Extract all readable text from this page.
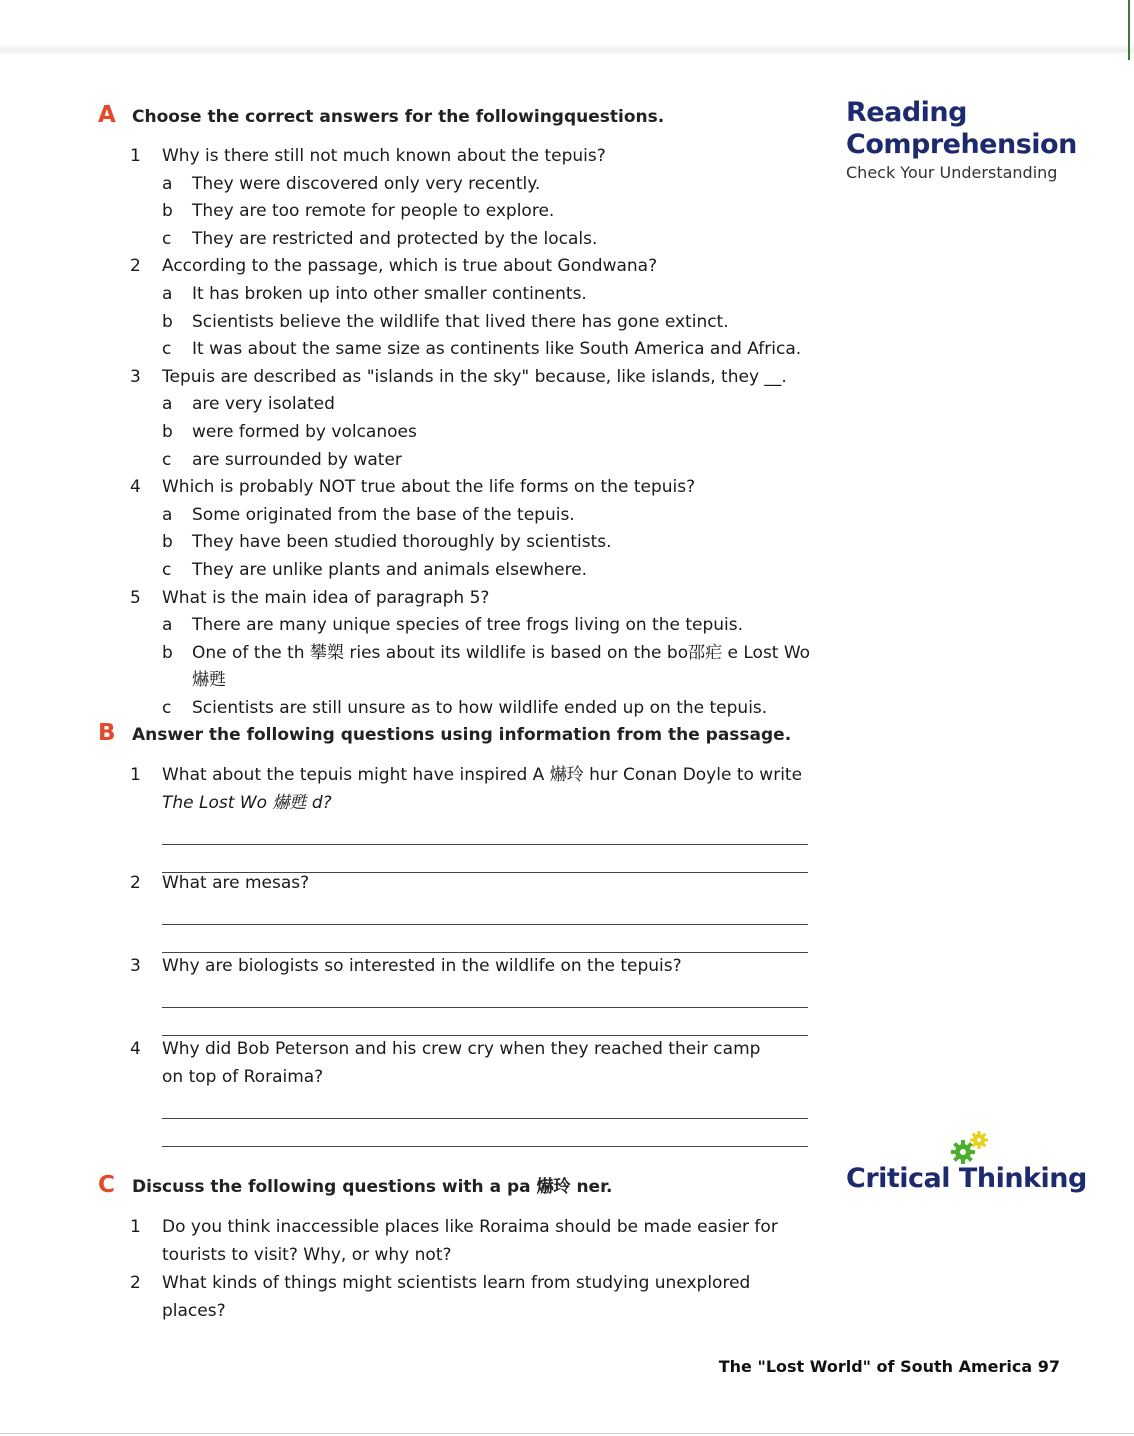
A Choose the correct answers for the followingquestions.
1	Why is there still not much known about the tepuis?
a	They were discovered only very recently.
b	They are too remote for people to explore.
c	They are restricted and protected by the locals.
2	According to the passage, which is true about Gondwana?
a	It has broken up into other smaller continents.
b	Scientists believe the wildlife that lived there has gone extinct.
c	It was about the same size as continents like South America and Africa.
3	Tepuis are described as "islands in the sky" because, like islands, they __.
a	are very isolated
b	were formed by volcanoes
c	are surrounded by water
4	Which is probably NOT true about the life forms on the tepuis?
a	Some originated from the base of the tepuis.
b	They have been studied thoroughly by scientists.
c	They are unlike plants and animals elsewhere.
5	What is the main idea of paragraph 5?
a	There are many unique species of tree frogs living on the tepuis.
b	One of the th 攀槊 ries about its wildlife is based on the bo邵疟 e Lost Wo 爀甦
c	Scientists are still unsure as to how wildlife ended up on the tepuis.
B Answer the following questions using information from the passage.
1	What about the tepuis might have inspired A 爀玲 hur Conan Doyle to write
The Lost Wo 爀甦 d?
2	What are mesas?
3	Why are biologists so interested in the wildlife on the tepuis?
4	Why did Bob Peterson and his crew cry when they reached their camp
on top of Roraima?
C	Discuss the following questions with a pa 爀玲 ner.
1	Do you think inaccessible places like Roraima should be made easier for
tourists to visit? Why, or why not?
2	What kinds of things might scientists learn from studying unexplored
places?
Reading
Comprehension
Check Your Understanding
Critical Thinking
The "Lost World" of South America 97
